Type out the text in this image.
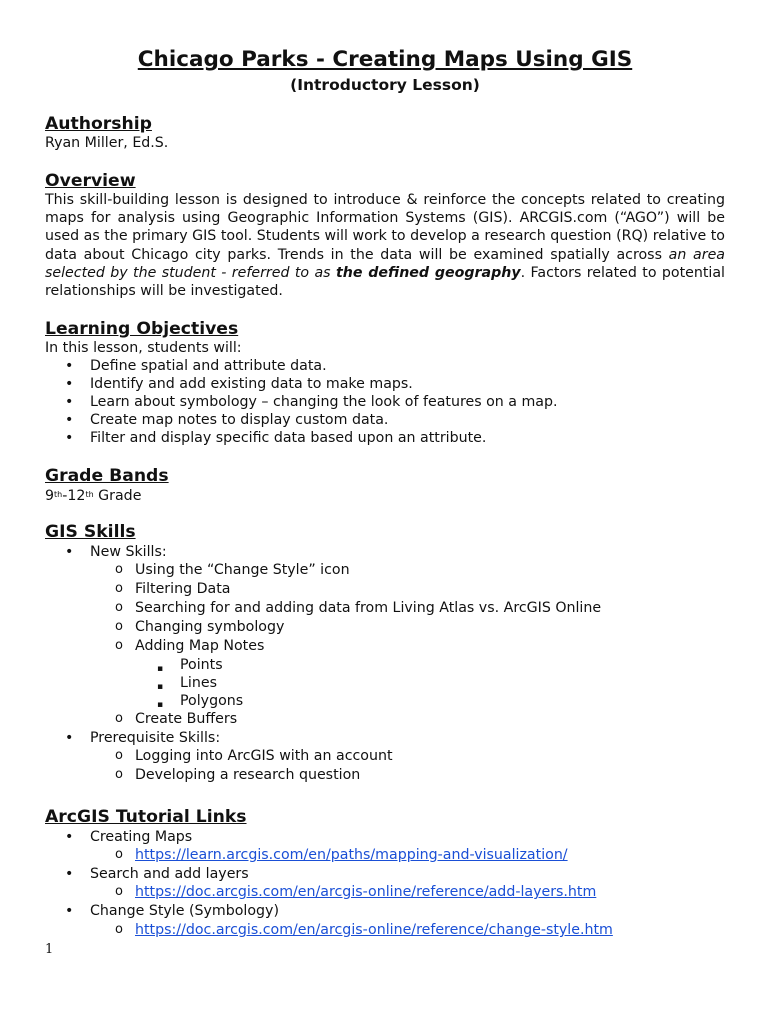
Chicago Parks - Creating Maps Using GIS
(Introductory Lesson)
Authorship
Ryan Miller, Ed.S.
Overview
This skill-building lesson is designed to introduce & reinforce the concepts related to creating maps for analysis using Geographic Information Systems (GIS). ARCGIS.com (“AGO”) will be used as the primary GIS tool. Students will work to develop a research question (RQ) relative to data about Chicago city parks. Trends in the data will be examined spatially across an area selected by the student - referred to as the defined geography. Factors related to potential relationships will be investigated.
Learning Objectives
In this lesson, students will:
• Define spatial and attribute data.
• Identify and add existing data to make maps.
• Learn about symbology – changing the look of features on a map.
• Create map notes to display custom data.
• Filter and display specific data based upon an attribute.
Grade Bands
9th-12th Grade
GIS Skills
• New Skills:
o Using the “Change Style” icon
o Filtering Data
o Searching for and adding data from Living Atlas vs. ArcGIS Online
o Changing symbology
o Adding Map Notes
▪ Points
▪ Lines
▪ Polygons
o Create Buffers
• Prerequisite Skills:
o Logging into ArcGIS with an account
o Developing a research question
ArcGIS Tutorial Links
• Creating Maps
o https://learn.arcgis.com/en/paths/mapping-and-visualization/
• Search and add layers
o https://doc.arcgis.com/en/arcgis-online/reference/add-layers.htm
• Change Style (Symbology)
o https://doc.arcgis.com/en/arcgis-online/reference/change-style.htm
1
